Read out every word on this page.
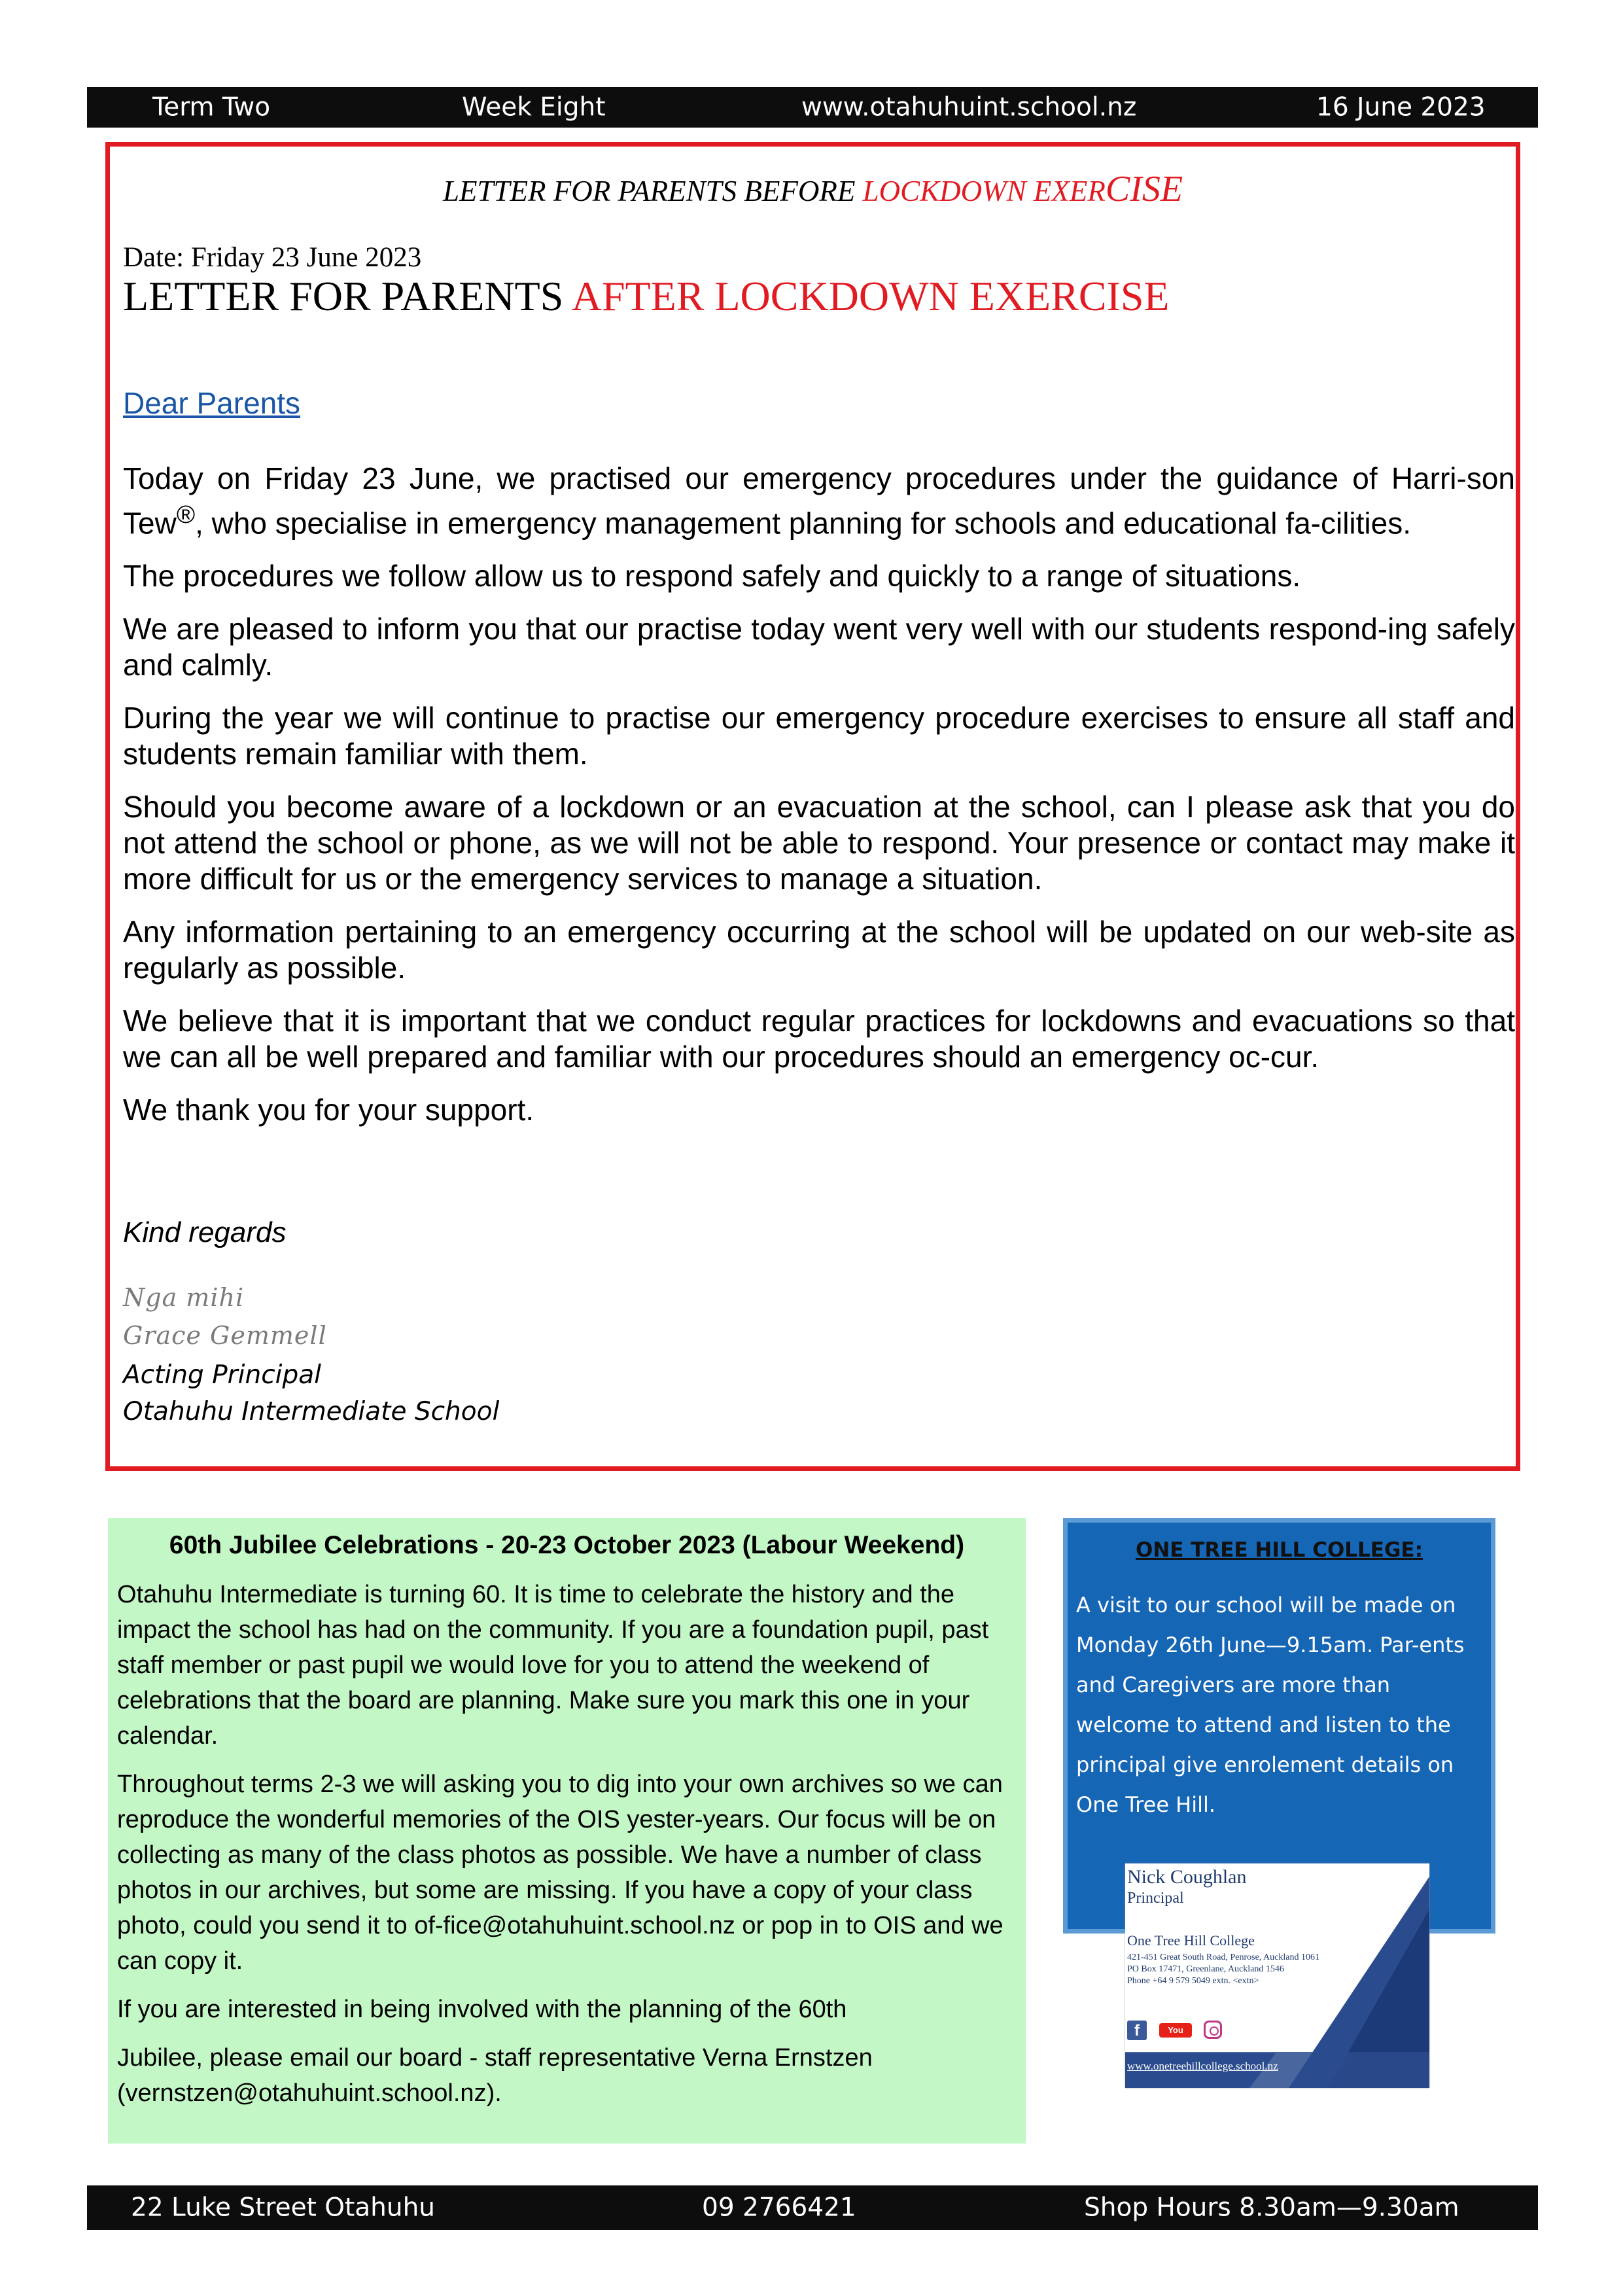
Term Two	Week Eight	www.otahuhuint.school.nz	16 June 2023
LETTER FOR PARENTS BEFORE LOCKDOWN EXERCISE
Date: Friday 23 June 2023
LETTER FOR PARENTS AFTER LOCKDOWN EXERCISE
Dear Parents

Today on Friday 23 June, we practised our emergency procedures under the guidance of Harri-son Tew®, who specialise in emergency management planning for schools and educational fa-cilities.

The procedures we follow allow us to respond safely and quickly to a range of situations.

We are pleased to inform you that our practise today went very well with our students respond-ing safely and calmly.

During the year we will continue to practise our emergency procedure exercises to ensure all staff and students remain familiar with them.

Should you become aware of a lockdown or an evacuation at the school, can I please ask that you do not attend the school or phone, as we will not be able to respond. Your presence or contact may make it more difficult for us or the emergency services to manage a situation.

Any information pertaining to an emergency occurring at the school will be updated on our web-site as regularly as possible.

We believe that it is important that we conduct regular practices for lockdowns and evacuations so that we can all be well prepared and familiar with our procedures should an emergency oc-cur.

We thank you for your support.

Kind regards
Nga mihi
Grace Gemmell
Acting Principal
Otahuhu Intermediate School
60th Jubilee Celebrations - 20-23 October 2023 (Labour Weekend)

Otahuhu Intermediate is turning 60. It is time to celebrate the history and the impact the school has had on the community. If you are a foundation pupil, past staff member or past pupil we would love for you to attend the weekend of celebrations that the board are planning. Make sure you mark this one in your calendar.

Throughout terms 2-3 we will asking you to dig into your own archives so we can reproduce the wonderful memories of the OIS yester-years. Our focus will be on collecting as many of the class photos as possible. We have a number of class photos in our archives, but some are missing. If you have a copy of your class photo, could you send it to of-fice@otahuhuint.school.nz or pop in to OIS and we can copy it.

If you are interested in being involved with the planning of the 60th

Jubilee, please email our board - staff representative Verna Ernstzen (vernstzen@otahuhuint.school.nz).

ONE TREE HILL COLLEGE:
A visit to our school will be made on Monday 26th June—9.15am. Par-ents and Caregivers are more than welcome to attend and listen to the principal give enrolement details on One Tree Hill.
Nick Coughlan
Principal
One Tree Hill College
421-451 Great South Road, Penrose, Auckland 1061
PO Box 17471, Greenlane, Auckland 1546
Phone +64 9 579 5049 extn. <extn>
f	You Tube
www.onetreehillcollege.school.nz
22 Luke Street Otahuhu	09 2766421	Shop Hours 8.30am—9.30am
